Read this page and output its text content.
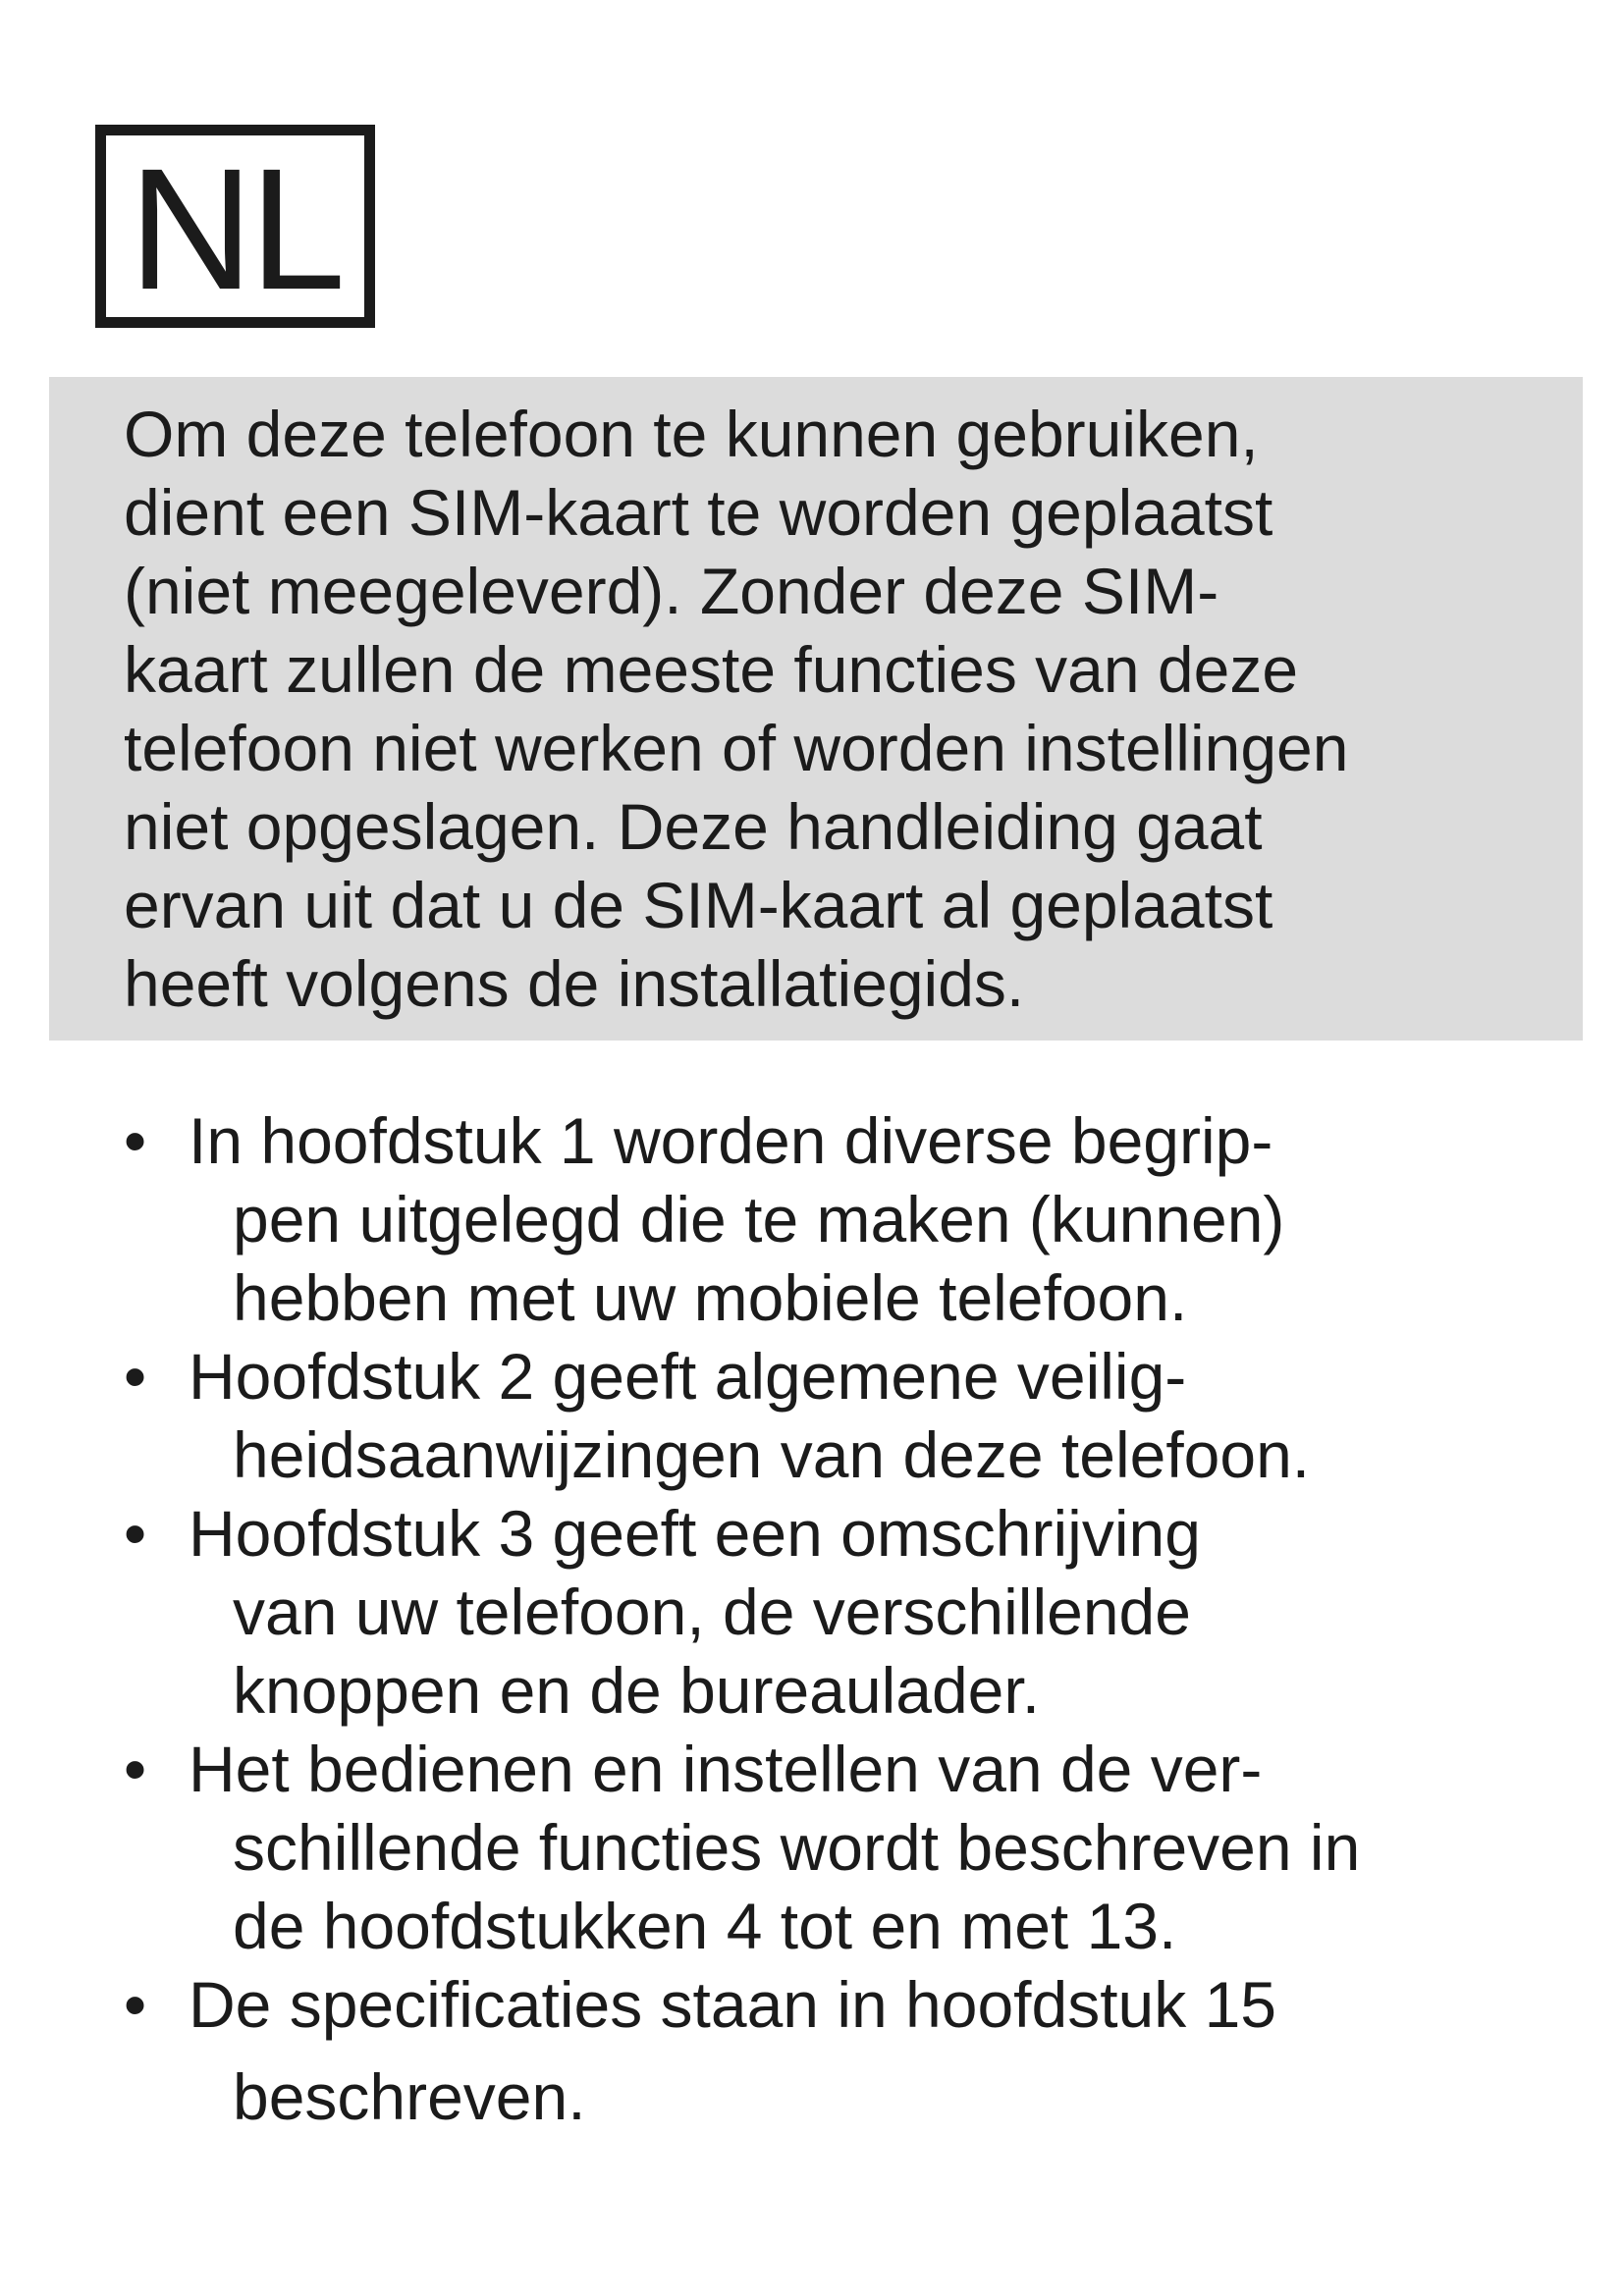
NL
Om deze telefoon te kunnen gebruiken,
dient een SIM-kaart te worden geplaatst
(niet meegeleverd). Zonder deze SIM-
kaart zullen de meeste functies van deze
telefoon niet werken of worden instellingen
niet opgeslagen. Deze handleiding gaat
ervan uit dat u de SIM-kaart al geplaatst
heeft volgens de installatiegids.
• In hoofdstuk 1 worden diverse begrip-
pen uitgelegd die te maken (kunnen)
hebben met uw mobiele telefoon.
• Hoofdstuk 2 geeft algemene veilig-
heidsaanwijzingen van deze telefoon.
• Hoofdstuk 3 geeft een omschrijving
van uw telefoon, de verschillende
knoppen en de bureaulader.
• Het bedienen en instellen van de ver-
schillende functies wordt beschreven in
de hoofdstukken 4 tot en met 13.
• De specificaties staan in hoofdstuk 15
beschreven.
